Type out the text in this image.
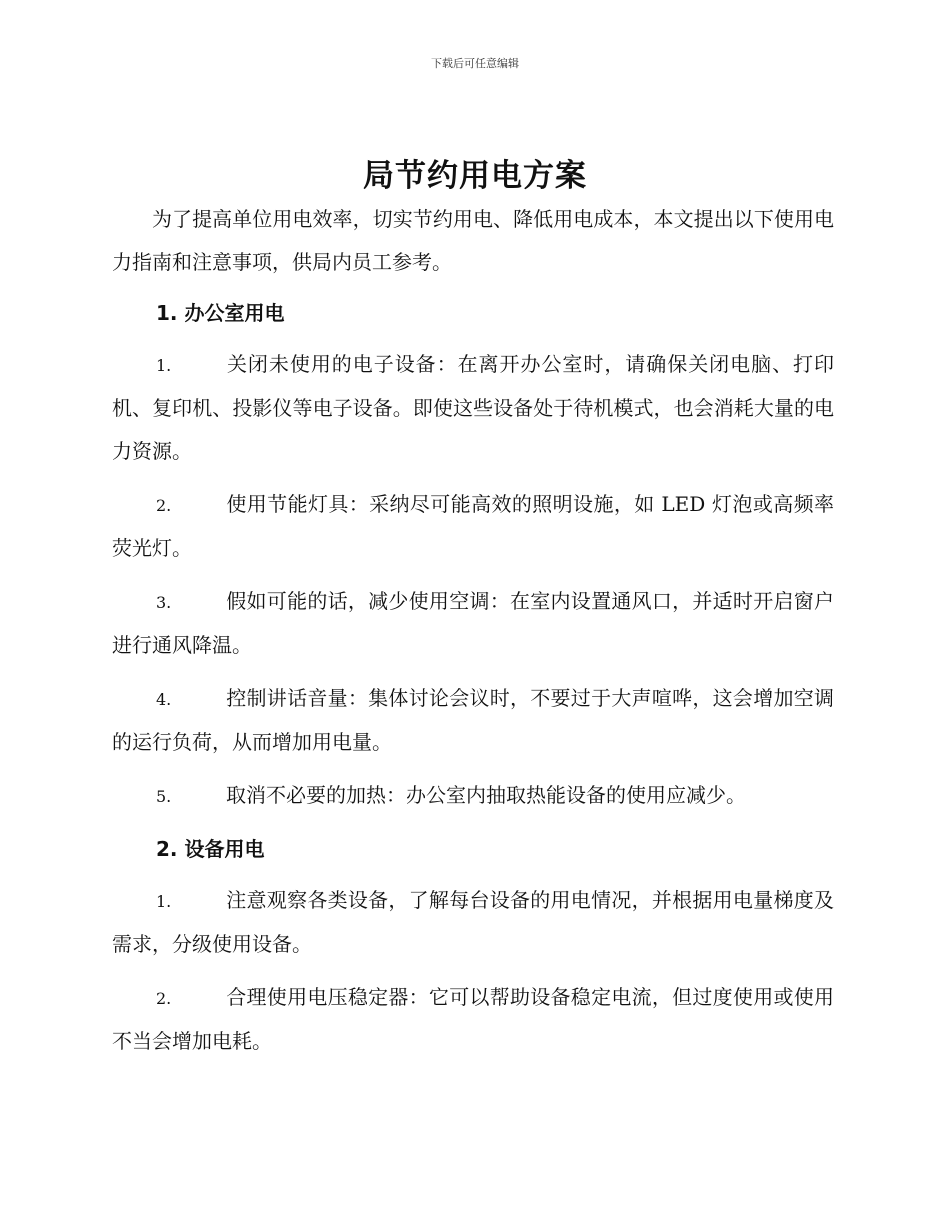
下载后可任意编辑
局节约用电方案

为了提高单位用电效率，切实节约用电、降低用电成本，本文提出以下使用电力指南和注意事项，供局内员工参考。

1. 办公室用电

1.	关闭未使用的电子设备：在离开办公室时，请确保关闭电脑、打印机、复印机、投影仪等电子设备。即使这些设备处于待机模式，也会消耗大量的电力资源。

2.	使用节能灯具：采纳尽可能高效的照明设施，如 LED 灯泡或高频率荧光灯。

3.	假如可能的话，减少使用空调：在室内设置通风口，并适时开启窗户进行通风降温。

4.	控制讲话音量：集体讨论会议时，不要过于大声喧哗，这会增加空调的运行负荷，从而增加用电量。

5.	取消不必要的加热：办公室内抽取热能设备的使用应减少。

2. 设备用电

1.	注意观察各类设备，了解每台设备的用电情况，并根据用电量梯度及需求，分级使用设备。

2.	合理使用电压稳定器：它可以帮助设备稳定电流，但过度使用或使用不当会增加电耗。
